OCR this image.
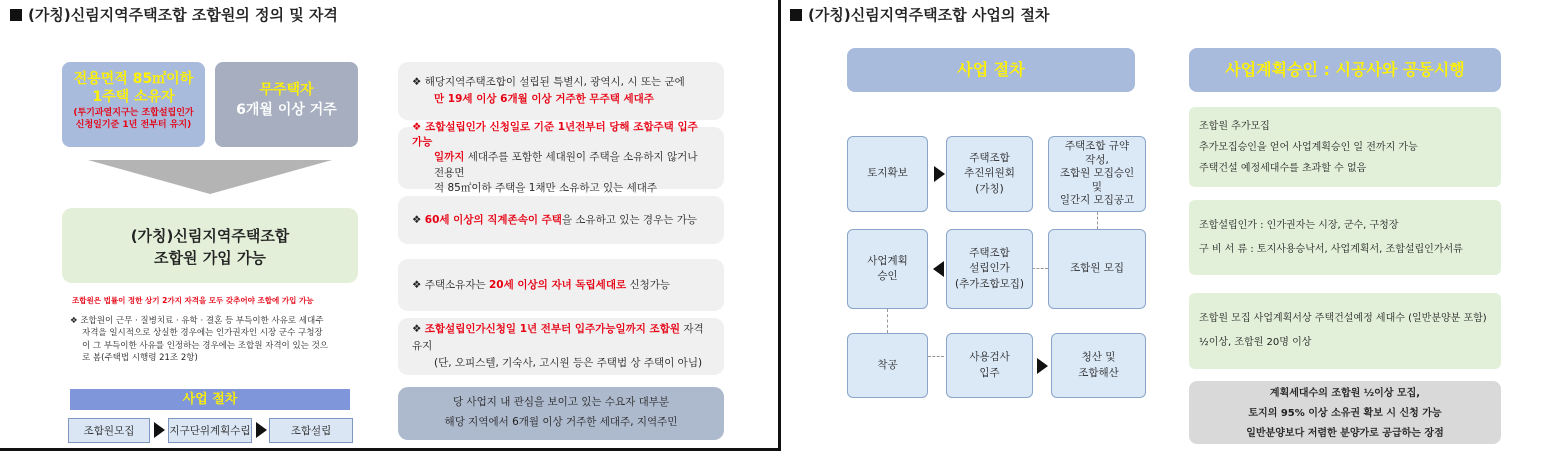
(가칭)신림지역주택조합 조합원의 정의 및 자격
전용면적 85㎡이하
1주택 소유자
(투기과열지구는 조합설립인가
신청일기준 1년 전부터 유지)
무주택자
6개월 이상 거주
(가칭)신림지역주택조합
조합원 가입 가능
조합원은 법률이 정한 상기 2가지 자격을 모두 갖추어야 조합에 가입 가능
❖ 조합원이 근무 · 질병치료 · 유학 · 결혼 등 부득이한 사유로 세대주
자격을 일시적으로 상실한 경우에는 인가권자인 시장 군수 구청장
이 그 부득이한 사유를 인정하는 경우에는 조합원 자격이 있는 것으
로 봄(주택법 시행령 21조 2항)
사업 절차
조합원모집	지구단위계획수립	조합설립
❖ 해당지역주택조합이 설립된 특별시, 광역시, 시 또는 군에
만 19세 이상 6개월 이상 거주한 무주택 세대주
❖ 조합설립인가 신청일로 기준 1년전부터 당해 조합주택 입주 가능
일까지 세대주를 포함한 세대원이 주택을 소유하지 않거나 전용면
적 85㎡이하 주택을 1채만 소유하고 있는 세대주
❖ 60세 이상의 직계존속이 주택을 소유하고 있는 경우는 가능
❖ 주택소유자는 20세 이상의 자녀 독립세대로 신청가능
❖ 조합설립인가신청일 1년 전부터 입주가능일까지 조합원 자격유지
(단, 오피스텔, 기숙사, 고시원 등은 주택법 상 주택이 아님)
당 사업지 내 관심을 보이고 있는 수요자 대부분
해당 지역에서 6개월 이상 거주한 세대주, 지역주민
(가칭)신림지역주택조합 사업의 절차
사업 절차	사업계획승인 : 시공사와 공동시행
토지확보
주택조합
추진위원회
(가칭)
주택조합 규약
작성,
조합원 모집승인
및
일간지 모집공고
사업계획
승인
주택조합
설립인가
(추가조합모집)
조합원 모집
착공
사용검사
입주
청산 및
조합해산
조합원 추가모집
추가모집승인을 얻어 사업계획승인 일 전까지 가능
주택건설 예정세대수를 초과할 수 없음
조합설립인가 : 인가권자는 시장, 군수, 구청장
구 비 서 류 : 토지사용승낙서, 사업계획서, 조합설립인가서류
조합원 모집 사업계획서상 주택건설예정 세대수 (일반분양분 포함)
½이상, 조합원 20명 이상
계획세대수의 조합원 ½이상 모집,
토지의 95% 이상 소유권 확보 시 신청 가능
일반분양보다 저렴한 분양가로 공급하는 장점
